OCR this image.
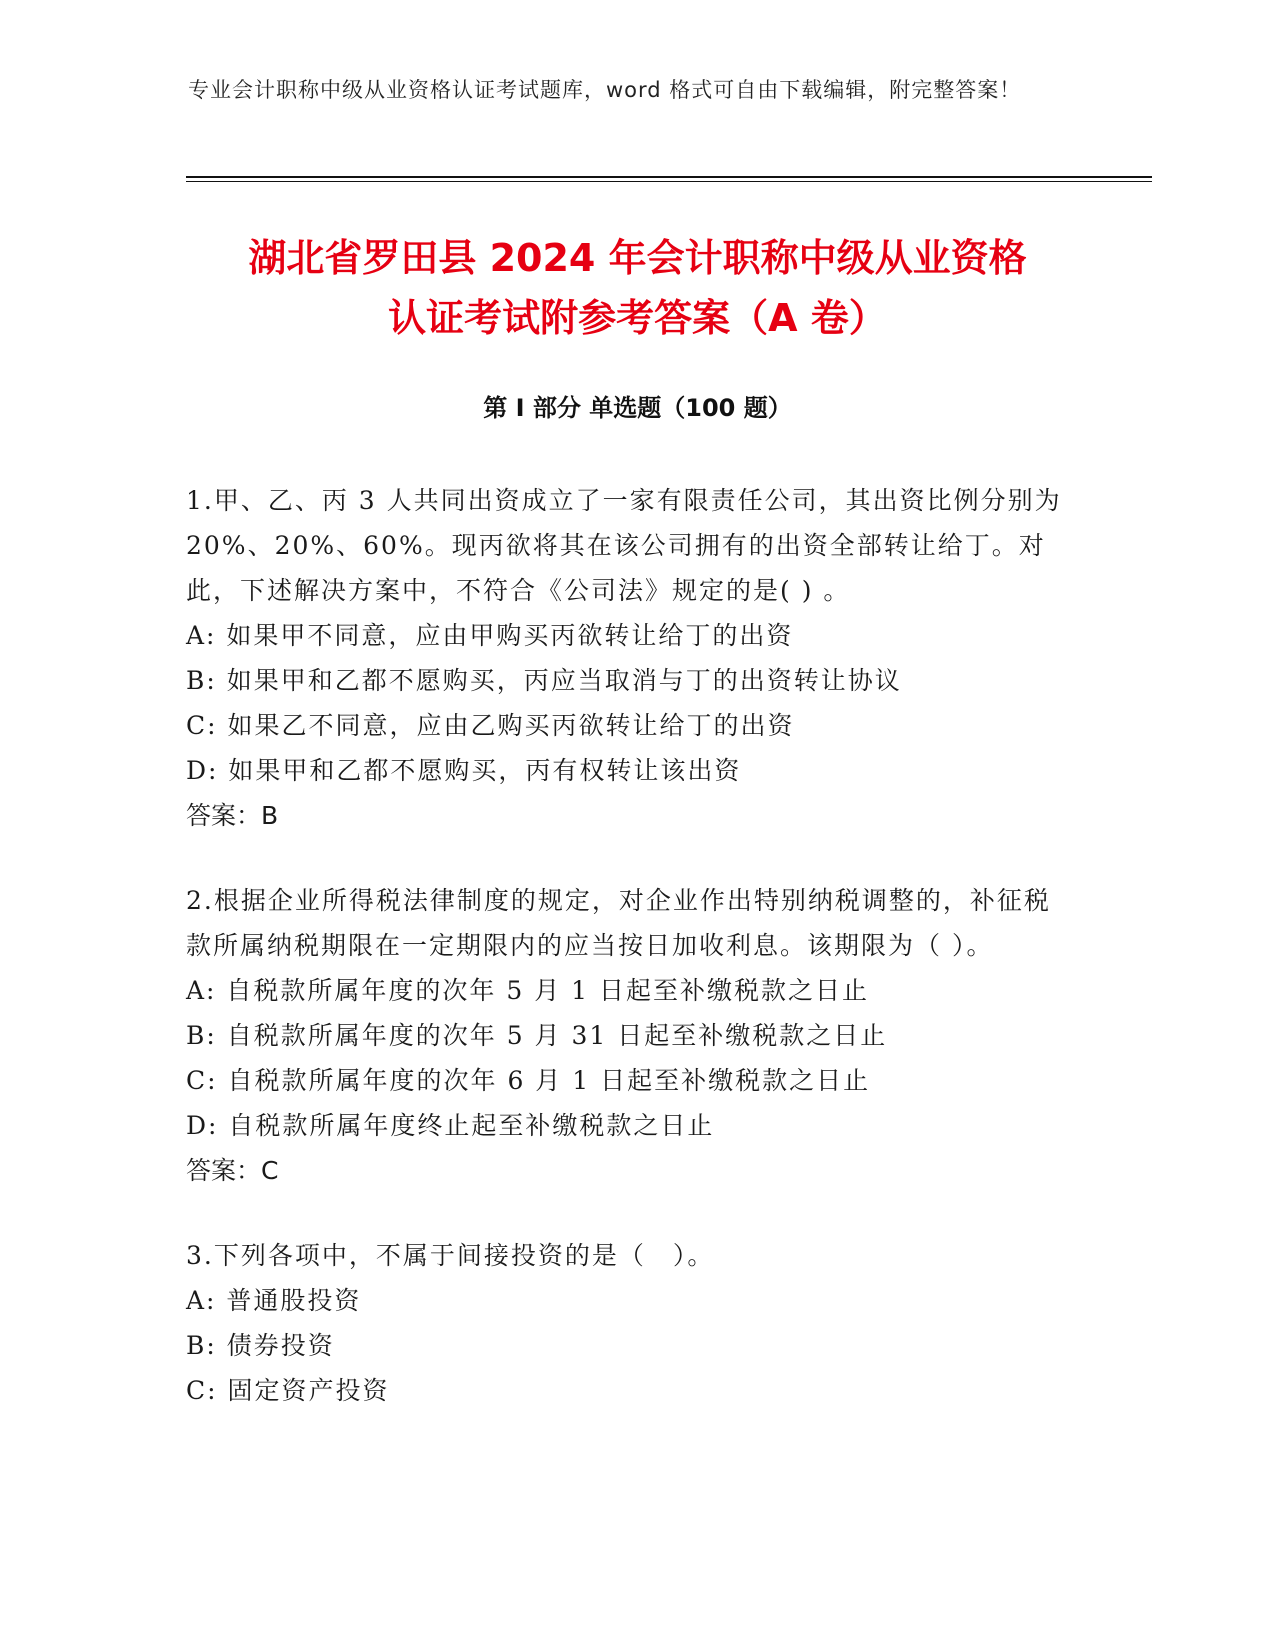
专业会计职称中级从业资格认证考试题库，word 格式可自由下载编辑，附完整答案！
湖北省罗田县 2024 年会计职称中级从业资格
认证考试附参考答案（A 卷）
第 I 部分 单选题（100 题）

1.甲、乙、丙 3 人共同出资成立了一家有限责任公司，其出资比例分别为 20%、20%、60%。现丙欲将其在该公司拥有的出资全部转让给丁。对此，下述解决方案中，不符合《公司法》规定的是( ) 。

A: 如果甲不同意，应由甲购买丙欲转让给丁的出资

B: 如果甲和乙都不愿购买，丙应当取消与丁的出资转让协议

C: 如果乙不同意，应由乙购买丙欲转让给丁的出资

D: 如果甲和乙都不愿购买，丙有权转让该出资

答案：B

2.根据企业所得税法律制度的规定，对企业作出特别纳税调整的，补征税款所属纳税期限在一定期限内的应当按日加收利息。该期限为（ ）。

A: 自税款所属年度的次年 5 月 1 日起至补缴税款之日止

B: 自税款所属年度的次年 5 月 31 日起至补缴税款之日止

C: 自税款所属年度的次年 6 月 1 日起至补缴税款之日止

D: 自税款所属年度终止起至补缴税款之日止

答案：C

3.下列各项中，不属于间接投资的是（　）。

A: 普通股投资

B: 债券投资

C: 固定资产投资
